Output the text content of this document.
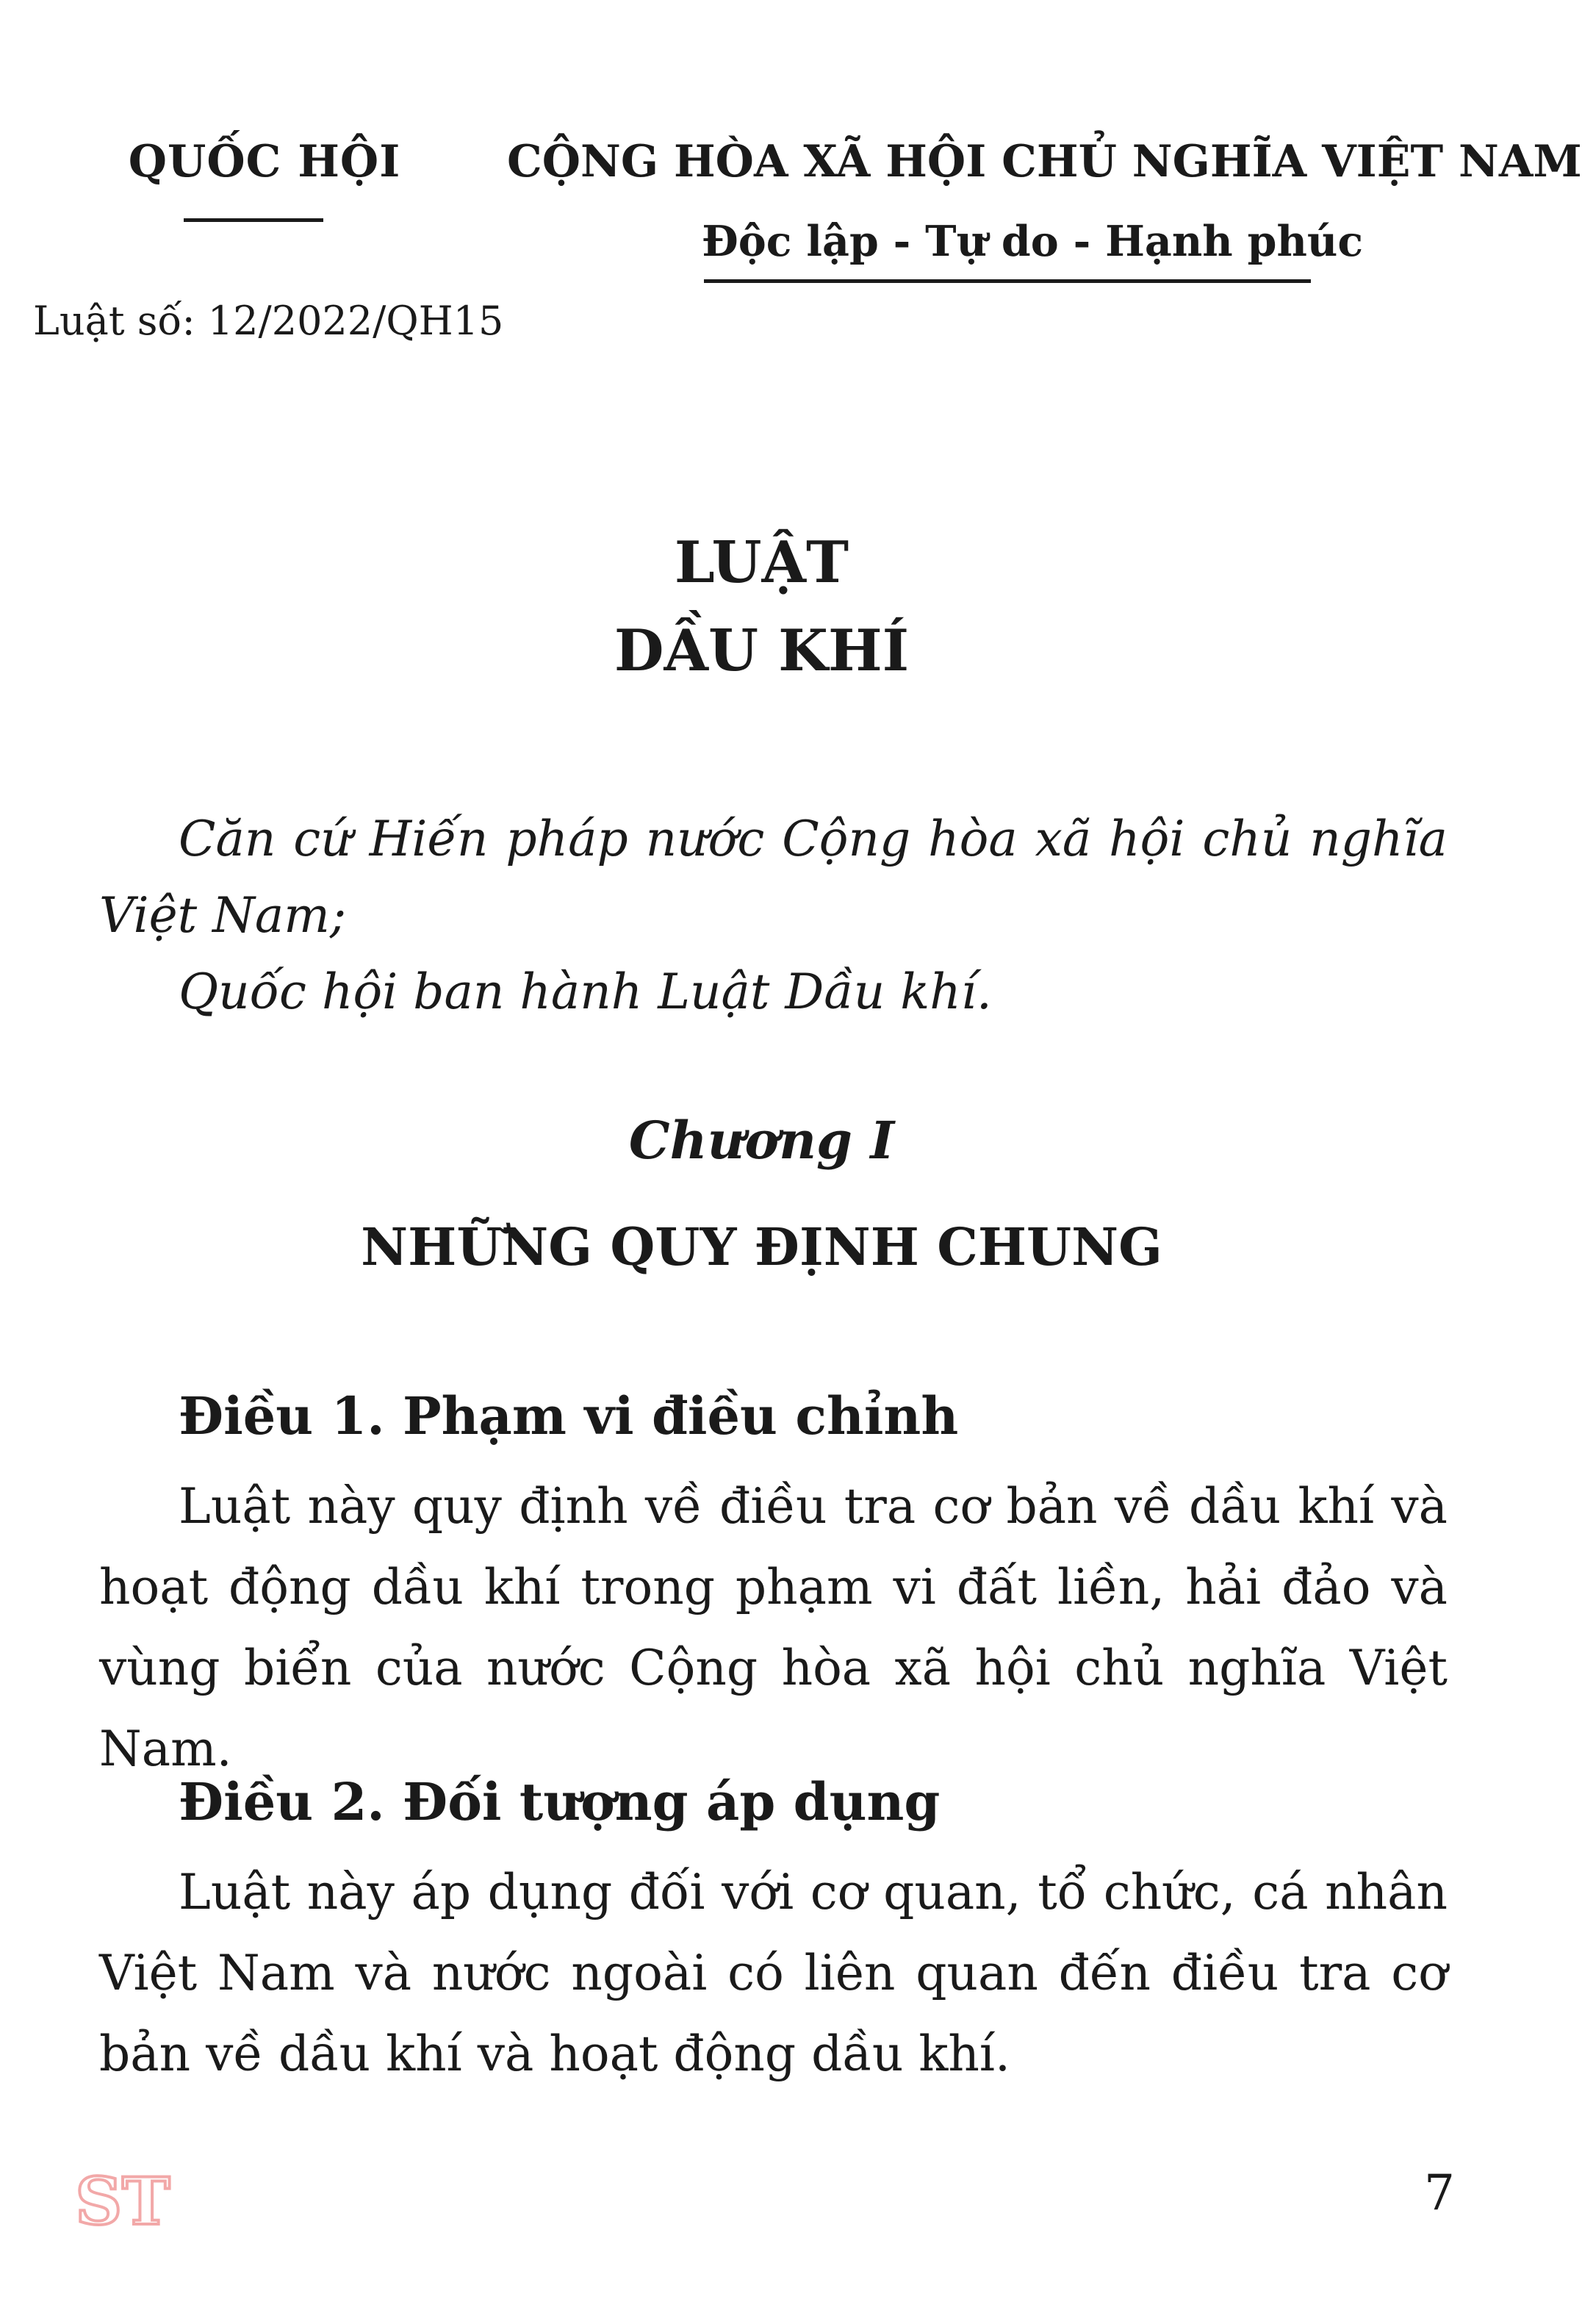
QUỐC HỘI CỘNG HÒA XÃ HỘI CHỦ NGHĨA VIỆT NAM
Độc lập - Tự do - Hạnh phúc
Luật số: 12/2022/QH15
LUẬT
DẦU KHÍ

Căn cứ Hiến pháp nước Cộng hòa xã hội chủ nghĩa Việt Nam;

Quốc hội ban hành Luật Dầu khí.

Chương I
NHỮNG QUY ĐỊNH CHUNG
Điều 1. Phạm vi điều chỉnh

Luật này quy định về điều tra cơ bản về dầu khí và hoạt động dầu khí trong phạm vi đất liền, hải đảo và vùng biển của nước Cộng hòa xã hội chủ nghĩa Việt Nam.

Điều 2. Đối tượng áp dụng

Luật này áp dụng đối với cơ quan, tổ chức, cá nhân Việt Nam và nước ngoài có liên quan đến điều tra cơ bản về dầu khí và hoạt động dầu khí.

ST	7
